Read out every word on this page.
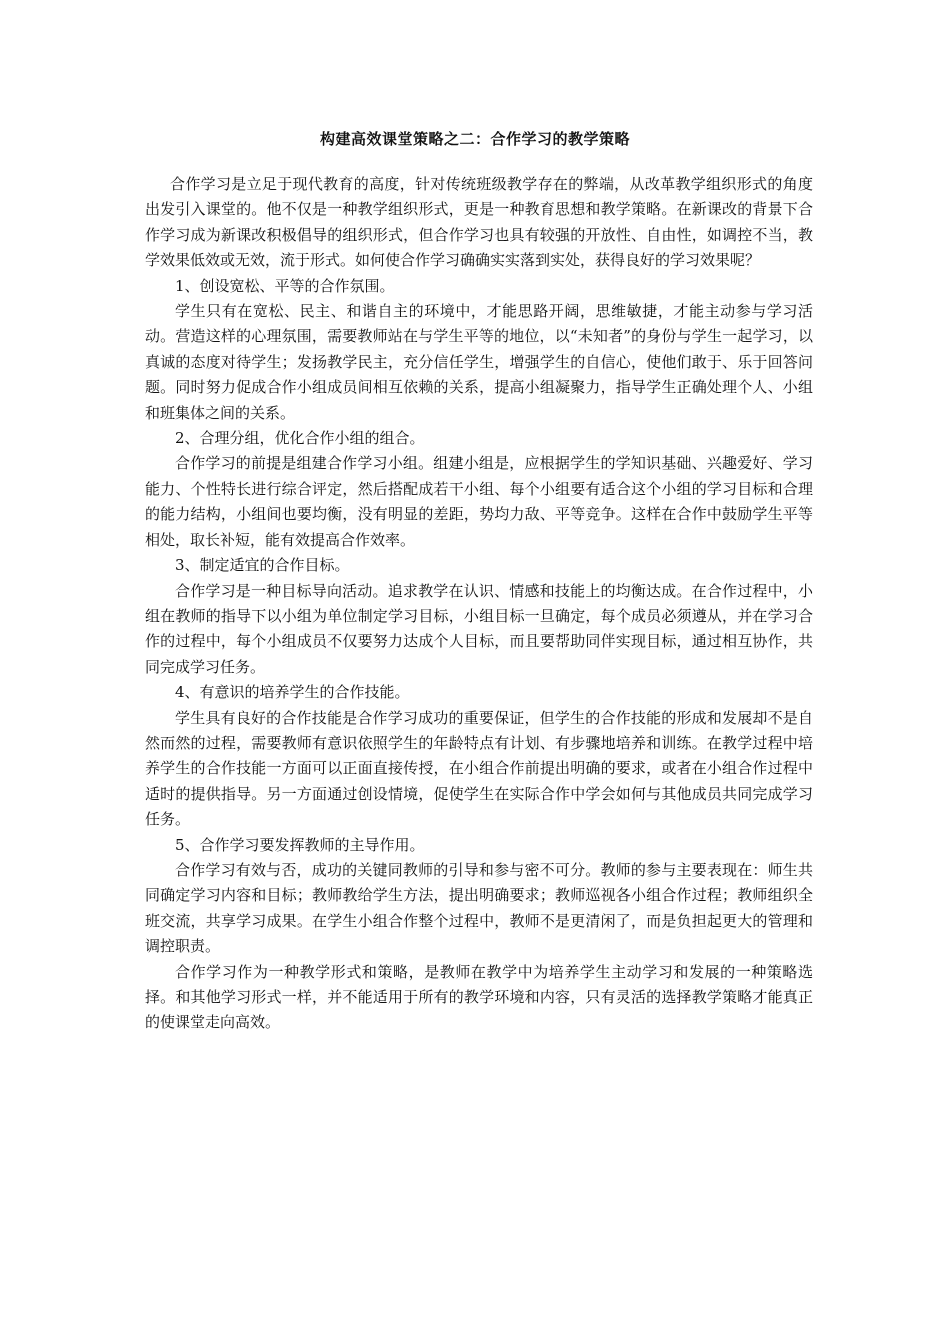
构建高效课堂策略之二：合作学习的教学策略

合作学习是立足于现代教育的高度，针对传统班级教学存在的弊端，从改革教学组织形式的角度出发引入课堂的。他不仅是一种教学组织形式，更是一种教育思想和教学策略。在新课改的背景下合作学习成为新课改积极倡导的组织形式，但合作学习也具有较强的开放性、自由性，如调控不当，教学效果低效或无效，流于形式。如何使合作学习确确实实落到实处，获得良好的学习效果呢？

1、创设宽松、平等的合作氛围。

学生只有在宽松、民主、和谐自主的环境中，才能思路开阔，思维敏捷，才能主动参与学习活动。营造这样的心理氛围，需要教师站在与学生平等的地位，以“未知者”的身份与学生一起学习，以真诚的态度对待学生；发扬教学民主，充分信任学生，增强学生的自信心，使他们敢于、乐于回答问题。同时努力促成合作小组成员间相互依赖的关系，提高小组凝聚力，指导学生正确处理个人、小组和班集体之间的关系。

2、合理分组，优化合作小组的组合。

合作学习的前提是组建合作学习小组。组建小组是，应根据学生的学知识基础、兴趣爱好、学习能力、个性特长进行综合评定，然后搭配成若干小组、每个小组要有适合这个小组的学习目标和合理的能力结构，小组间也要均衡，没有明显的差距，势均力敌、平等竞争。这样在合作中鼓励学生平等相处，取长补短，能有效提高合作效率。

3、制定适宜的合作目标。

合作学习是一种目标导向活动。追求教学在认识、情感和技能上的均衡达成。在合作过程中，小组在教师的指导下以小组为单位制定学习目标，小组目标一旦确定，每个成员必须遵从，并在学习合作的过程中，每个小组成员不仅要努力达成个人目标，而且要帮助同伴实现目标，通过相互协作，共同完成学习任务。

4、有意识的培养学生的合作技能。

学生具有良好的合作技能是合作学习成功的重要保证，但学生的合作技能的形成和发展却不是自然而然的过程，需要教师有意识依照学生的年龄特点有计划、有步骤地培养和训练。在教学过程中培养学生的合作技能一方面可以正面直接传授，在小组合作前提出明确的要求，或者在小组合作过程中适时的提供指导。另一方面通过创设情境，促使学生在实际合作中学会如何与其他成员共同完成学习任务。

5、合作学习要发挥教师的主导作用。

合作学习有效与否，成功的关键同教师的引导和参与密不可分。教师的参与主要表现在：师生共同确定学习内容和目标；教师教给学生方法，提出明确要求；教师巡视各小组合作过程；教师组织全班交流，共享学习成果。在学生小组合作整个过程中，教师不是更清闲了，而是负担起更大的管理和调控职责。

合作学习作为一种教学形式和策略，是教师在教学中为培养学生主动学习和发展的一种策略选择。和其他学习形式一样，并不能适用于所有的教学环境和内容，只有灵活的选择教学策略才能真正的使课堂走向高效。
